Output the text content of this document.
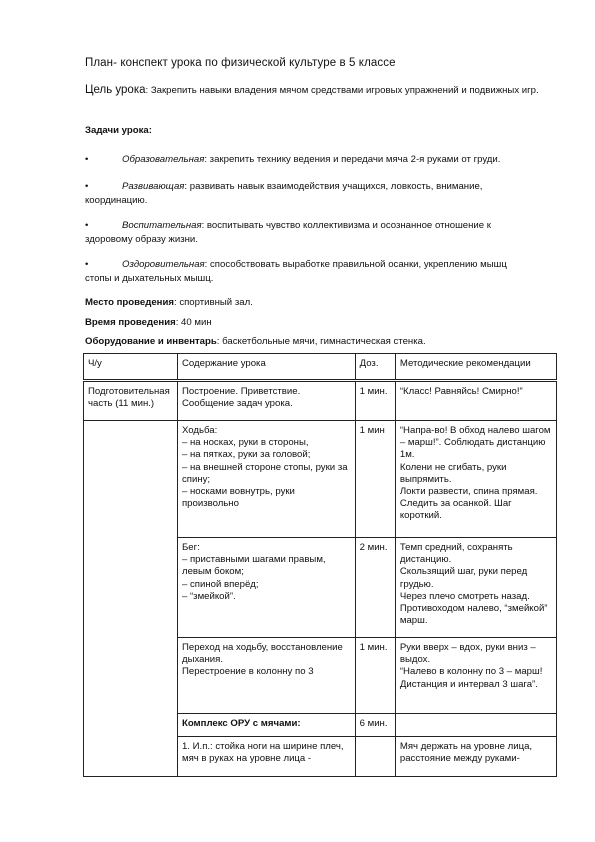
План- конспект урока по физической культуре в 5 классе
Цель урока: Закрепить навыки владения мячом средствами игровых упражнений и подвижных игр.
Задачи урока:
•	Образовательная: закрепить технику ведения и передачи мяча 2-я руками от груди.
•	Развивающая: развивать навык взаимодействия учащихся, ловкость, внимание,
координацию.
•	Воспитательная: воспитывать чувство коллективизма и осознанное отношение к
здоровому образу жизни.
•	Оздоровительная: способствовать выработке правильной осанки, укреплению мышц
стопы и дыхательных мышц.
Место проведения: спортивный зал.
Время проведения: 40 мин
Оборудование и инвентарь: баскетбольные мячи, гимнастическая стенка.
Ч/у	Содержание урока	Доз.	Методические рекомендации
Подготовительная часть (11 мин.)	Построение. Приветствие.
Сообщение задач урока.	1 мин.	“Класс! Равняйсь! Смирно!”
	Ходьба:
– на носках, руки в стороны,
– на пятках, руки за головой;
– на внешней стороне стопы, руки за спину;
– носками вовнутрь, руки произвольно	1 мин	“Напра-во! В обход налево шагом – марш!”. Соблюдать дистанцию 1м.
Колени не сгибать, руки выпрямить.
Локти развести, спина прямая. Следить за осанкой. Шаг короткий.
	Бег:
– приставными шагами правым, левым боком;
– спиной вперёд;
– “змейкой”.	2 мин.	Темп средний, сохранять дистанцию.
Скользящий шаг, руки перед грудью.
Через плечо смотреть назад. Противоходом налево, “змейкой” марш.
	Переход на ходьбу, восстановление дыхания.
Перестроение в колонну по 3	1 мин.	Руки вверх – вдох, руки вниз – выдох.
“Налево в колонну по 3 – марш! Дистанция и интервал 3 шага”.
	Комплекс ОРУ с мячами:	6 мин.	
	1. И.п.: стойка ноги на ширине плеч, мяч в руках на уровне лица -		Мяч держать на уровне лица, расстояние между руками-
